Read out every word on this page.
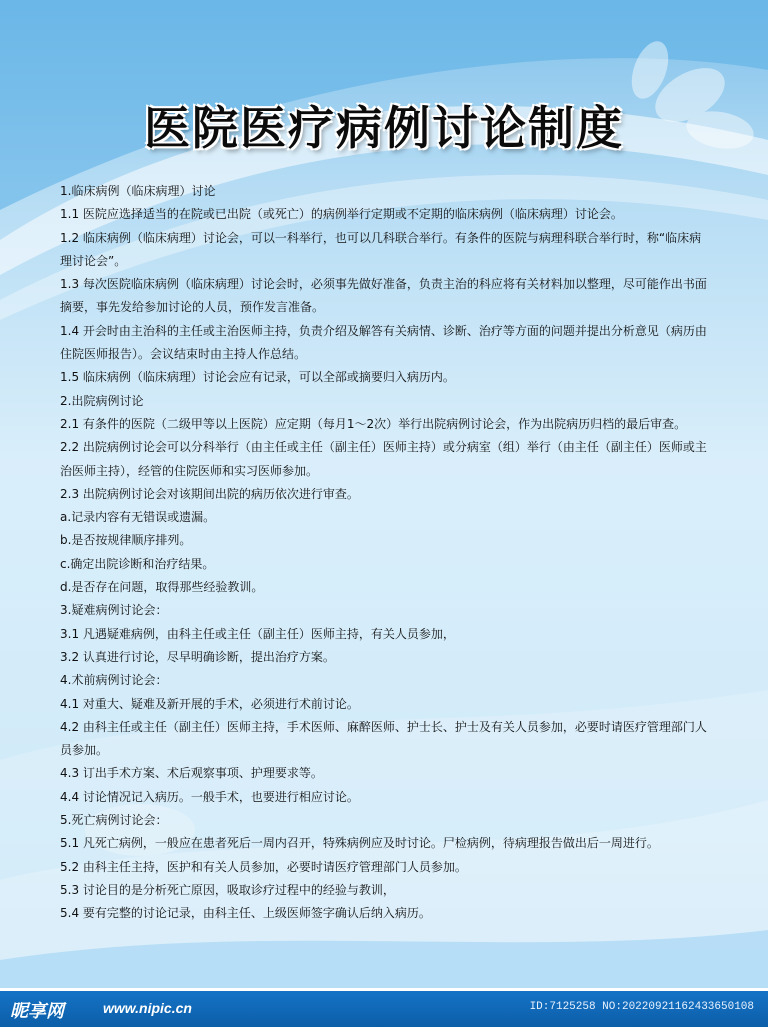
医院医疗病例讨论制度

1.临床病例（临床病理）讨论

1.1 医院应选择适当的在院或已出院（或死亡）的病例举行定期或不定期的临床病例（临床病理）讨论会。

1.2 临床病例（临床病理）讨论会，可以一科举行，也可以几科联合举行。有条件的医院与病理科联合举行时，称“临床病理讨论会”。

1.3 每次医院临床病例（临床病理）讨论会时，必须事先做好准备，负责主治的科应将有关材料加以整理，尽可能作出书面摘要，事先发给参加讨论的人员，预作发言准备。

1.4 开会时由主治科的主任或主治医师主持，负责介绍及解答有关病情、诊断、治疗等方面的问题并提出分析意见（病历由住院医师报告）。会议结束时由主持人作总结。

1.5 临床病例（临床病理）讨论会应有记录，可以全部或摘要归入病历内。

2.出院病例讨论

2.1 有条件的医院（二级甲等以上医院）应定期（每月1～2次）举行出院病例讨论会，作为出院病历归档的最后审查。

2.2 出院病例讨论会可以分科举行（由主任或主任（副主任）医师主持）或分病室（组）举行（由主任（副主任）医师或主治医师主持），经管的住院医师和实习医师参加。

2.3 出院病例讨论会对该期间出院的病历依次进行审查。

a.记录内容有无错误或遗漏。

b.是否按规律顺序排列。

c.确定出院诊断和治疗结果。

d.是否存在问题，取得那些经验教训。

3.疑难病例讨论会：

3.1 凡遇疑难病例，由科主任或主任（副主任）医师主持，有关人员参加，

3.2 认真进行讨论，尽早明确诊断，提出治疗方案。

4.术前病例讨论会：

4.1 对重大、疑难及新开展的手术，必须进行术前讨论。

4.2 由科主任或主任（副主任）医师主持，手术医师、麻醉医师、护士长、护士及有关人员参加，必要时请医疗管理部门人员参加。

4.3 订出手术方案、术后观察事项、护理要求等。

4.4 讨论情况记入病历。一般手术，也要进行相应讨论。

5.死亡病例讨论会：

5.1 凡死亡病例，一般应在患者死后一周内召开，特殊病例应及时讨论。尸检病例，待病理报告做出后一周进行。

5.2 由科主任主持，医护和有关人员参加，必要时请医疗管理部门人员参加。

5.3 讨论目的是分析死亡原因，吸取诊疗过程中的经验与教训，

5.4 要有完整的讨论记录，由科主任、上级医师签字确认后纳入病历。

昵享网	www.nipic.cn	ID:7125258 NO:20220921162433650108
